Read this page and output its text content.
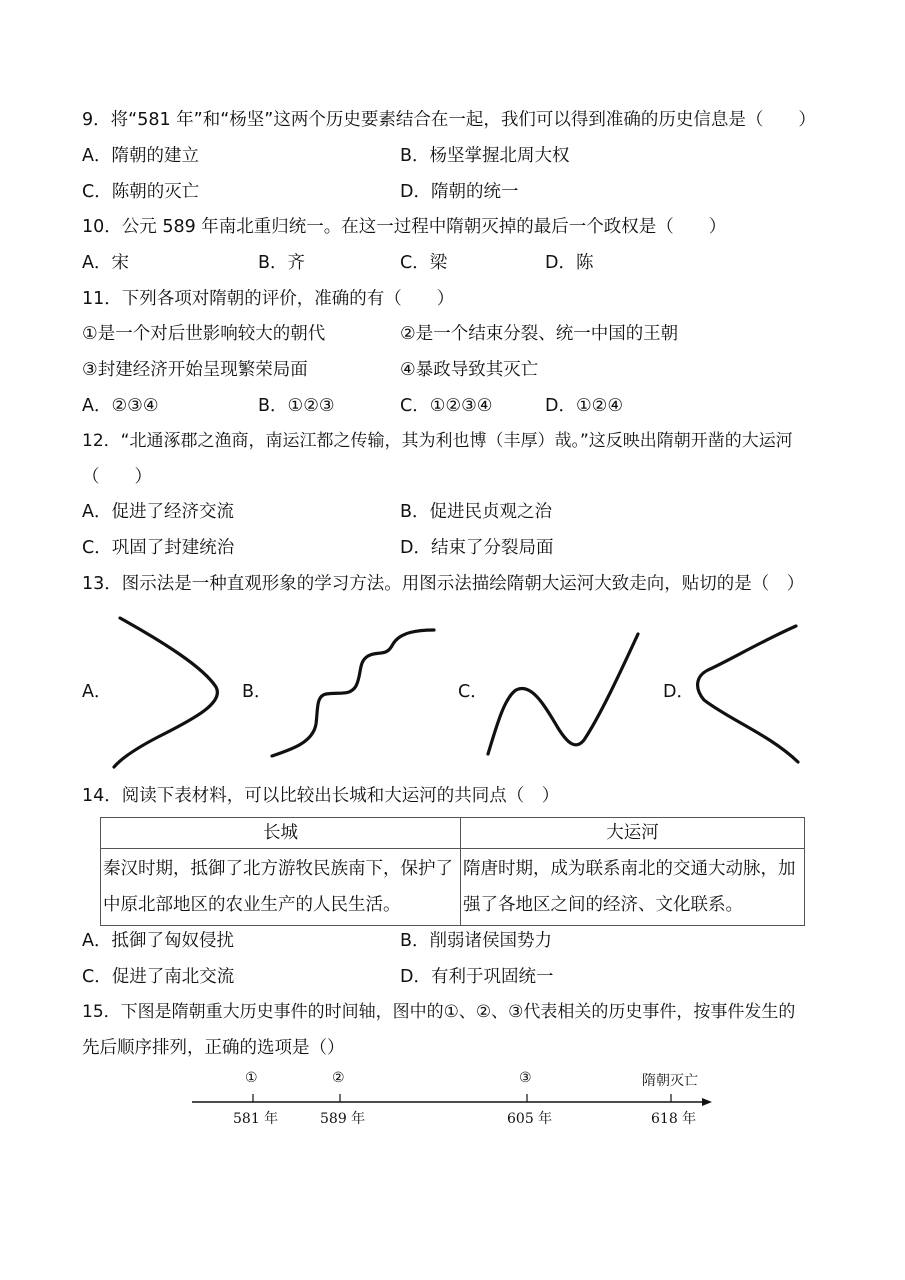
9．将“581 年”和“杨坚”这两个历史要素结合在一起，我们可以得到准确的历史信息是（　　）
A．隋朝的建立	B．杨坚掌握北周大权
C．陈朝的灭亡	D．隋朝的统一
10．公元 589 年南北重归统一。在这一过程中隋朝灭掉的最后一个政权是（　　）
A．宋	B．齐	C．梁	D．陈
11．下列各项对隋朝的评价，准确的有（　　）
①是一个对后世影响较大的朝代	②是一个结束分裂、统一中国的王朝
③封建经济开始呈现繁荣局面	④暴政导致其灭亡
A．②③④	B．①②③	C．①②③④	D．①②④
12．“北通涿郡之渔商，南运江都之传输，其为利也博（丰厚）哉。”这反映出隋朝开凿的大运河
（　　）
A．促进了经济交流	B．促进民贞观之治
C．巩固了封建统治	D．结束了分裂局面
13．图示法是一种直观形象的学习方法。用图示法描绘隋朝大运河大致走向，贴切的是（　）
A．	B．	C．	D．
14．阅读下表材料，可以比较出长城和大运河的共同点（　）
长城	大运河
秦汉时期，抵御了北方游牧民族南下，保护了中原北部地区的农业生产的人民生活。	隋唐时期，成为联系南北的交通大动脉，加强了各地区之间的经济、文化联系。
A．抵御了匈奴侵扰	B．削弱诸侯国势力
C．促进了南北交流	D．有利于巩固统一
15．下图是隋朝重大历史事件的时间轴，图中的①、②、③代表相关的历史事件，按事件发生的
先后顺序排列，正确的选项是（）
①	②	③	隋朝灭亡
581 年	589 年	605 年	618 年
